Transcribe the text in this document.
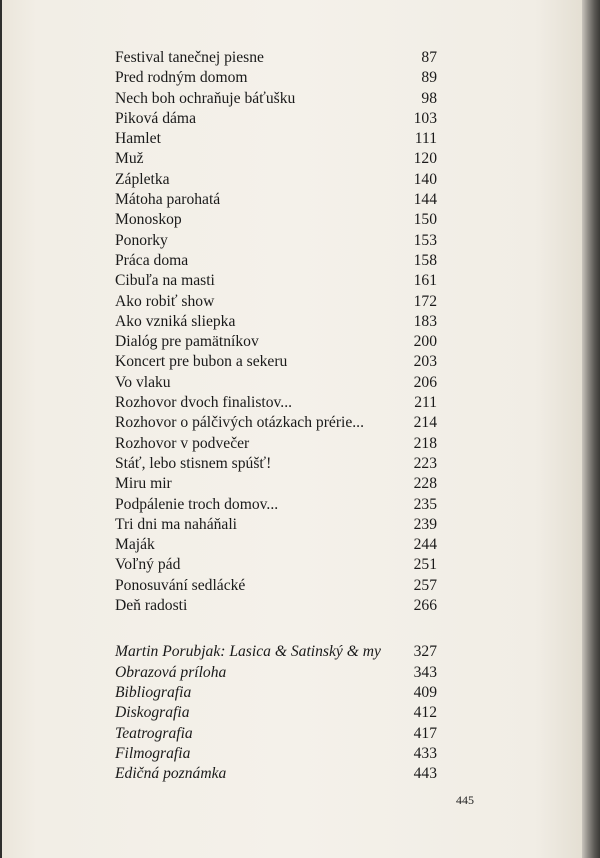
Festival tanečnej piesne	87
Pred rodným domom	89
Nech boh ochraňuje báťušku	98
Piková dáma	103
Hamlet	111
Muž	120
Zápletka	140
Mátoha parohatá	144
Monoskop	150
Ponorky	153
Práca doma	158
Cibuľa na masti	161
Ako robiť show	172
Ako vzniká sliepka	183
Dialóg pre pamätníkov	200
Koncert pre bubon a sekeru	203
Vo vlaku	206
Rozhovor dvoch finalistov...	211
Rozhovor o pálčivých otázkach prérie...	214
Rozhovor v podvečer	218
Stáť, lebo stisnem spúšť!	223
Miru mir	228
Podpálenie troch domov...	235
Tri dni ma naháňali	239
Maják	244
Voľný pád	251
Ponosuvání sedlácké	257
Deň radosti	266
Martin Porubjak: Lasica & Satinský & my 327
Obrazová príloha	343
Bibliografia	409
Diskografia	412
Teatrografia	417
Filmografia	433
Edičná poznámka	443
445
